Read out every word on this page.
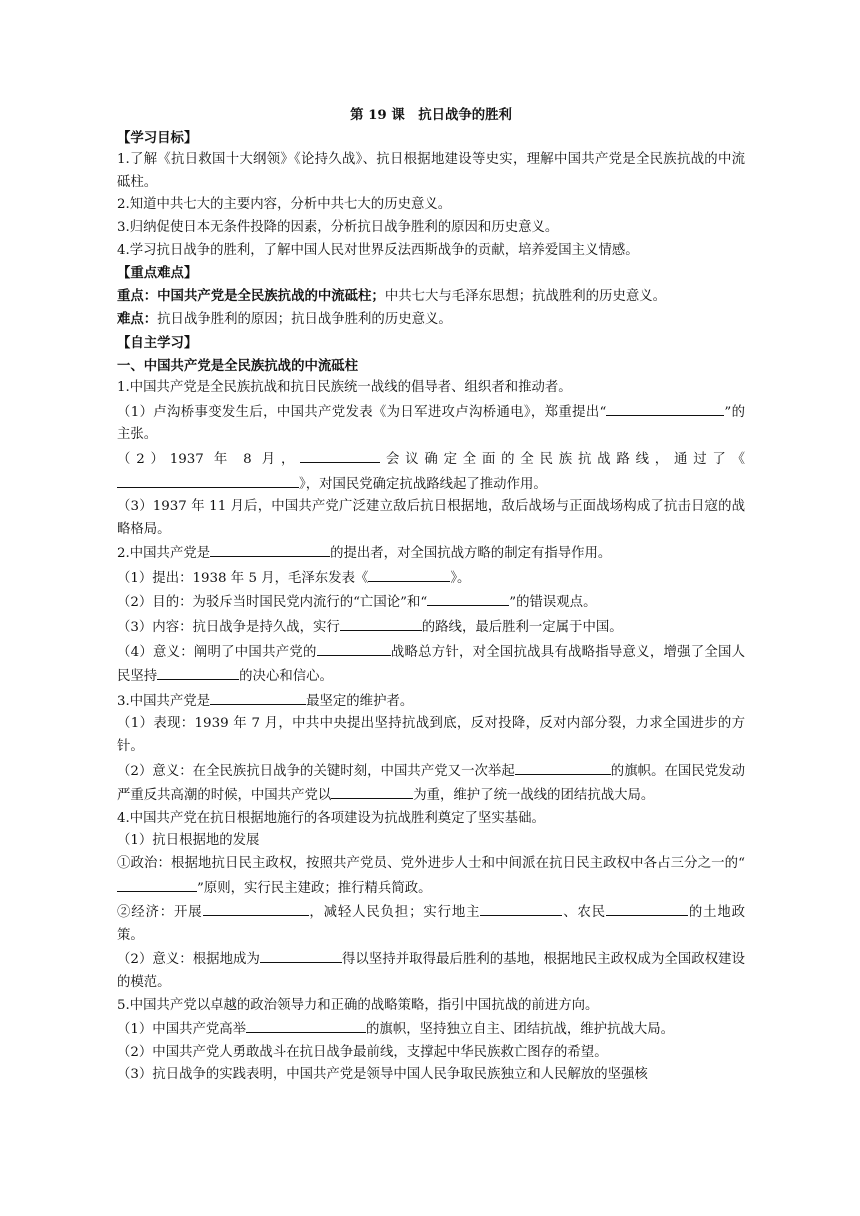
第 19 课　抗日战争的胜利

【学习目标】

1.了解《抗日救国十大纲领》《论持久战》、抗日根据地建设等史实，理解中国共产党是全民族抗战的中流砥柱。

2.知道中共七大的主要内容，分析中共七大的历史意义。

3.归纳促使日本无条件投降的因素，分析抗日战争胜利的原因和历史意义。

4.学习抗日战争的胜利，了解中国人民对世界反法西斯战争的贡献，培养爱国主义情感。

【重点难点】

重点：中国共产党是全民族抗战的中流砥柱；中共七大与毛泽东思想；抗战胜利的历史意义。

难点：抗日战争胜利的原因；抗日战争胜利的历史意义。

【自主学习】

一、中国共产党是全民族抗战的中流砥柱

1.中国共产党是全民族抗战和抗日民族统一战线的倡导者、组织者和推动者。

（1）卢沟桥事变发生后，中国共产党发表《为日军进攻卢沟桥通电》，郑重提出“	”的主张。

（2）1937 年 8 月，	会议确定全面的全民族抗战路线，通过了《》，对国民党确定抗战路线起了推动作用。

（3）1937 年 11 月后，中国共产党广泛建立敌后抗日根据地，敌后战场与正面战场构成了抗击日寇的战略格局。

2.中国共产党是	的提出者，对全国抗战方略的制定有指导作用。

（1）提出：1938 年 5 月，毛泽东发表《	》。

（2）目的：为驳斥当时国民党内流行的“亡国论”和“	”的错误观点。

（3）内容：抗日战争是持久战，实行	的路线，最后胜利一定属于中国。

（4）意义：阐明了中国共产党的	战略总方针，对全国抗战具有战略指导意义，增强了全国人民坚持	的决心和信心。

3.中国共产党是	最坚定的维护者。

（1）表现：1939 年 7 月，中共中央提出坚持抗战到底，反对投降，反对内部分裂，力求全国进步的方针。

（2）意义：在全民族抗日战争的关键时刻，中国共产党又一次举起	的旗帜。在国民党发动严重反共高潮的时候，中国共产党以	为重，维护了统一战线的团结抗战大局。

4.中国共产党在抗日根据地施行的各项建设为抗战胜利奠定了坚实基础。

（1）抗日根据地的发展

①政治：根据地抗日民主政权，按照共产党员、党外进步人士和中间派在抗日民主政权中各占三分之一的“”原则，实行民主建政；推行精兵简政。

②经济：开展	，减轻人民负担；实行地主	、农民	的土地政策。

（2）意义：根据地成为	得以坚持并取得最后胜利的基地，根据地民主政权成为全国政权建设的模范。

5.中国共产党以卓越的政治领导力和正确的战略策略，指引中国抗战的前进方向。

（1）中国共产党高举	的旗帜，坚持独立自主、团结抗战，维护抗战大局。

（2）中国共产党人勇敢战斗在抗日战争最前线，支撑起中华民族救亡图存的希望。

（3）抗日战争的实践表明，中国共产党是领导中国人民争取民族独立和人民解放的坚强核
